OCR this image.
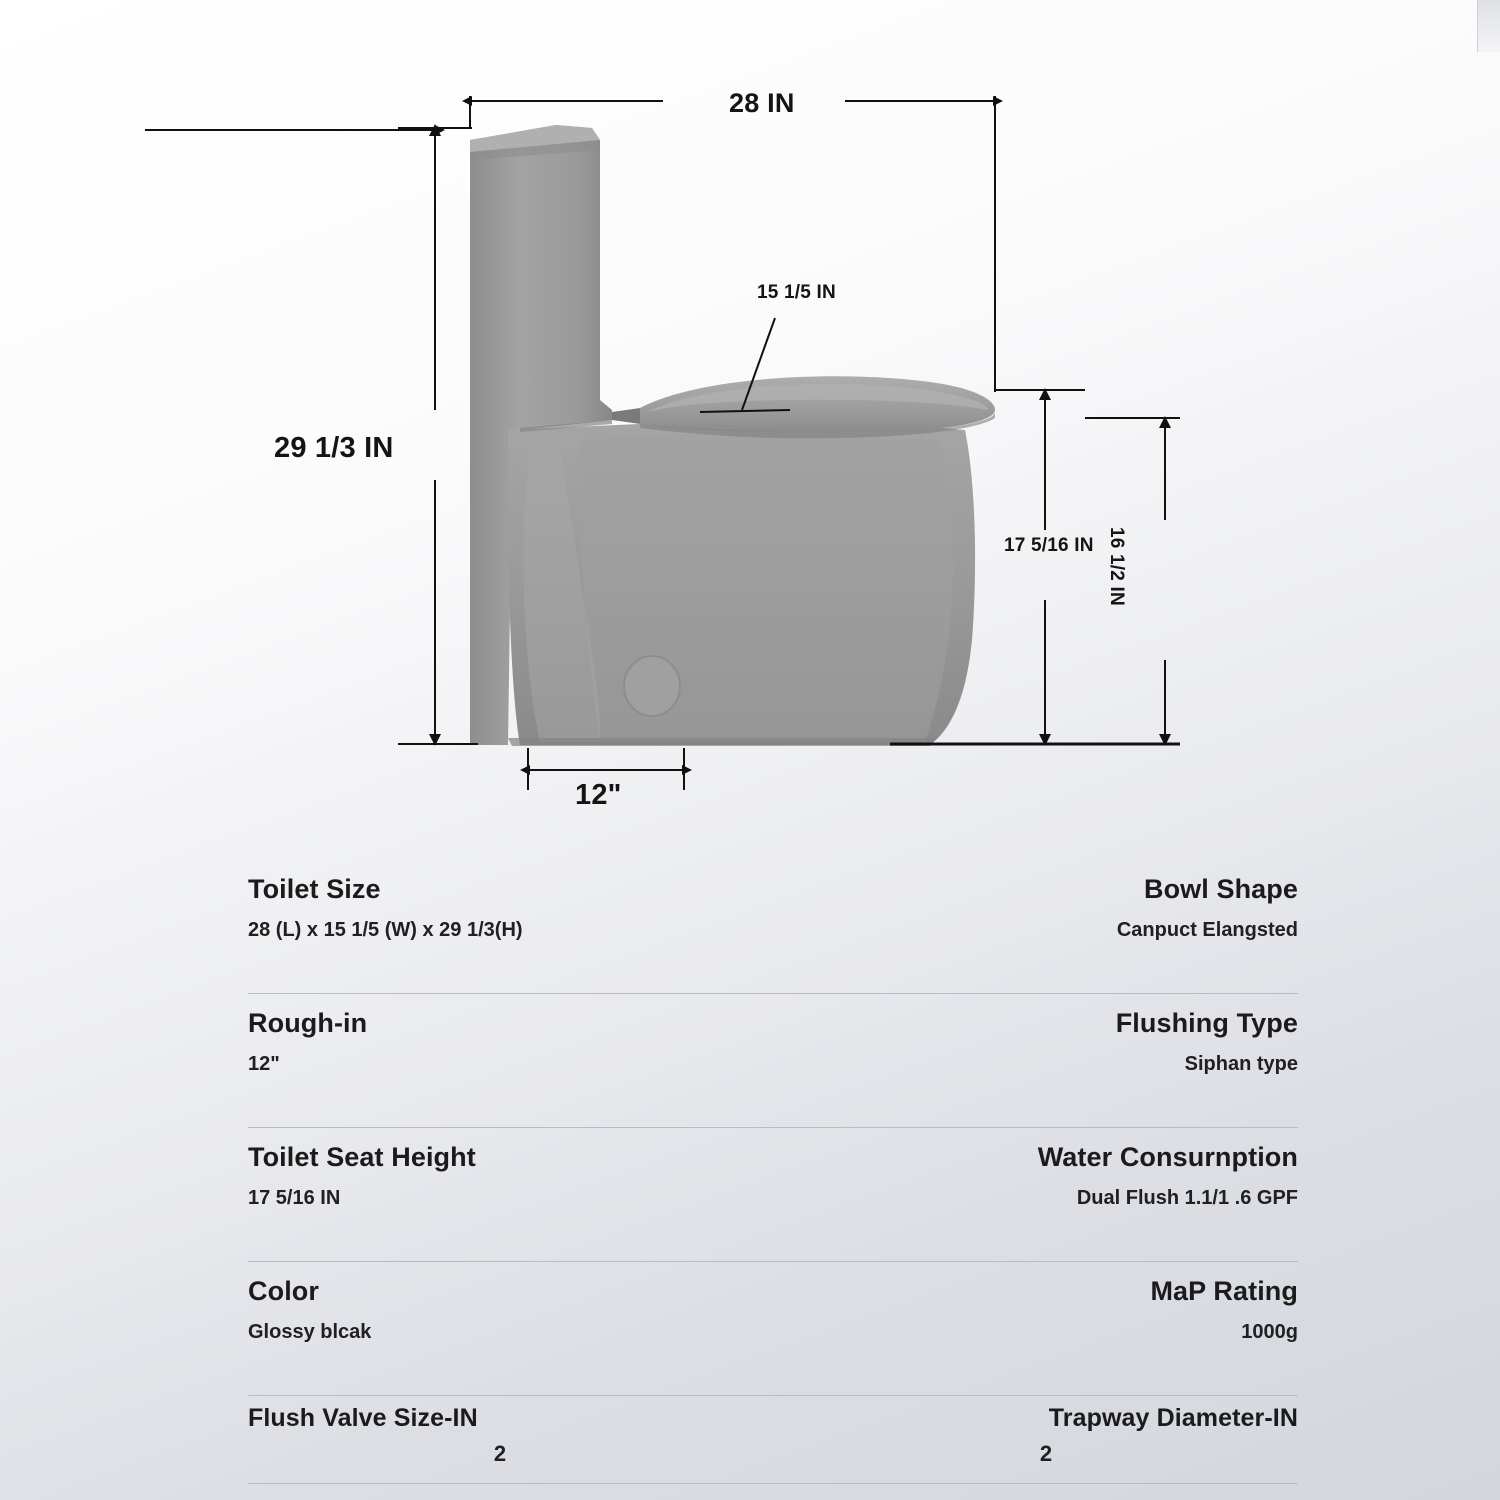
28 IN
29 1/3 IN
15 1/5 IN
17 5/16 IN 16 1/2 IN
12"
Toilet Size
28 (L) x 15 1/5 (W) x 29 1/3(H)
Bowl Shape
Canpuct Elangsted
Rough-in
12"
Flushing Type
Siphan type
Toilet Seat Height
17 5/16 IN
Water Consurnption
Dual Flush 1.1/1 .6 GPF
Color
Glossy blcak
MaP Rating
1000g
Flush Valve Size-IN
2
Trapway Diameter-IN
2
